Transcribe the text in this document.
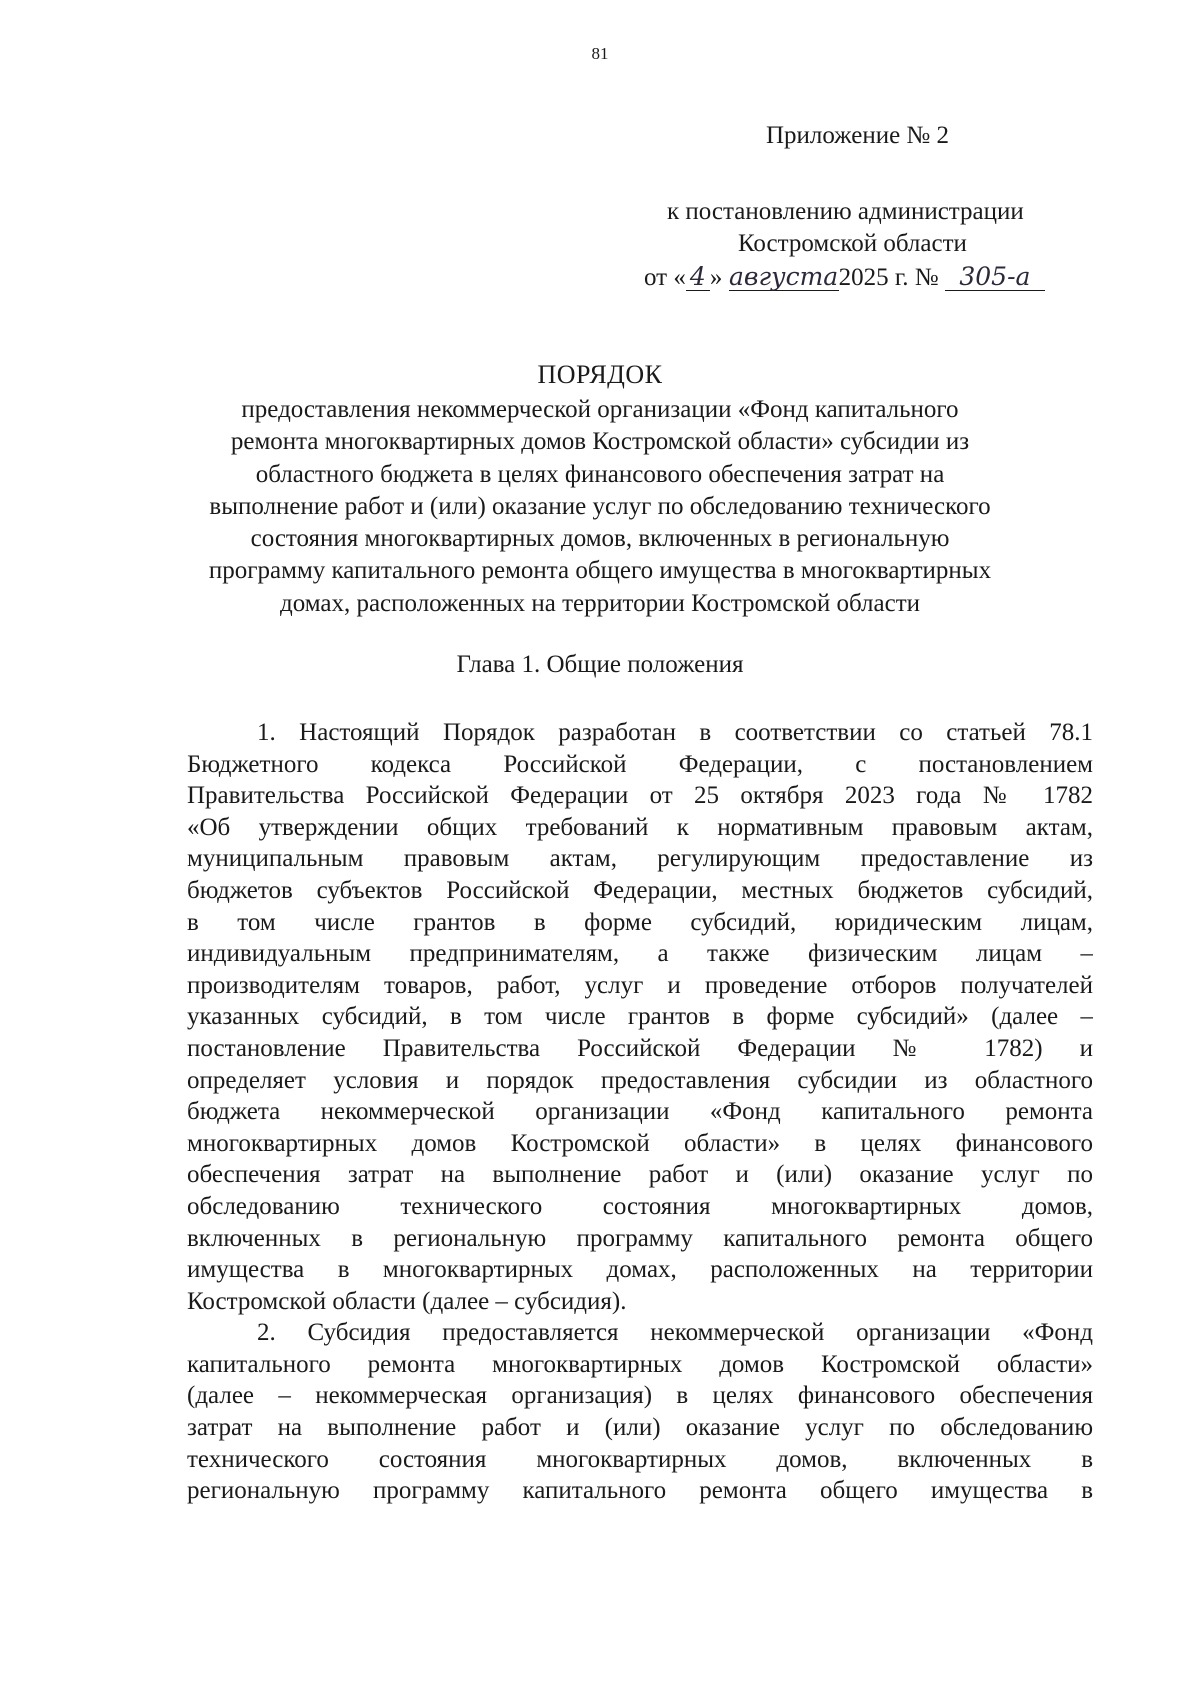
81
Приложение № 2
к постановлению администрации
Костромской области
от « 4 » августа2025 г. № 305-а
ПОРЯДОК
предоставления некоммерческой организации «Фонд капитального
ремонта многоквартирных домов Костромской области» субсидии из
областного бюджета в целях финансового обеспечения затрат на
выполнение работ и (или) оказание услуг по обследованию технического
состояния многоквартирных домов, включенных в региональную
программу капитального ремонта общего имущества в многоквартирных
домах, расположенных на территории Костромской области
Глава 1. Общие положения
1. Настоящий Порядок разработан в соответствии со статьей 78.1
Бюджетного кодекса Российской Федерации, с постановлением
Правительства Российской Федерации от 25 октября 2023 года № 1782
«Об утверждении общих требований к нормативным правовым актам,
муниципальным правовым актам, регулирующим предоставление из
бюджетов субъектов Российской Федерации, местных бюджетов субсидий,
в том числе грантов в форме субсидий, юридическим лицам,
индивидуальным предпринимателям, а также физическим лицам –
производителям товаров, работ, услуг и проведение отборов получателей
указанных субсидий, в том числе грантов в форме субсидий» (далее –
постановление Правительства Российской Федерации № 1782) и
определяет условия и порядок предоставления субсидии из областного
бюджета некоммерческой организации «Фонд капитального ремонта
многоквартирных домов Костромской области» в целях финансового
обеспечения затрат на выполнение работ и (или) оказание услуг по
обследованию технического состояния многоквартирных домов,
включенных в региональную программу капитального ремонта общего
имущества в многоквартирных домах, расположенных на территории
Костромской области (далее – субсидия).
2. Субсидия предоставляется некоммерческой организации «Фонд
капитального ремонта многоквартирных домов Костромской области»
(далее – некоммерческая организация) в целях финансового обеспечения
затрат на выполнение работ и (или) оказание услуг по обследованию
технического состояния многоквартирных домов, включенных в
региональную программу капитального ремонта общего имущества в
